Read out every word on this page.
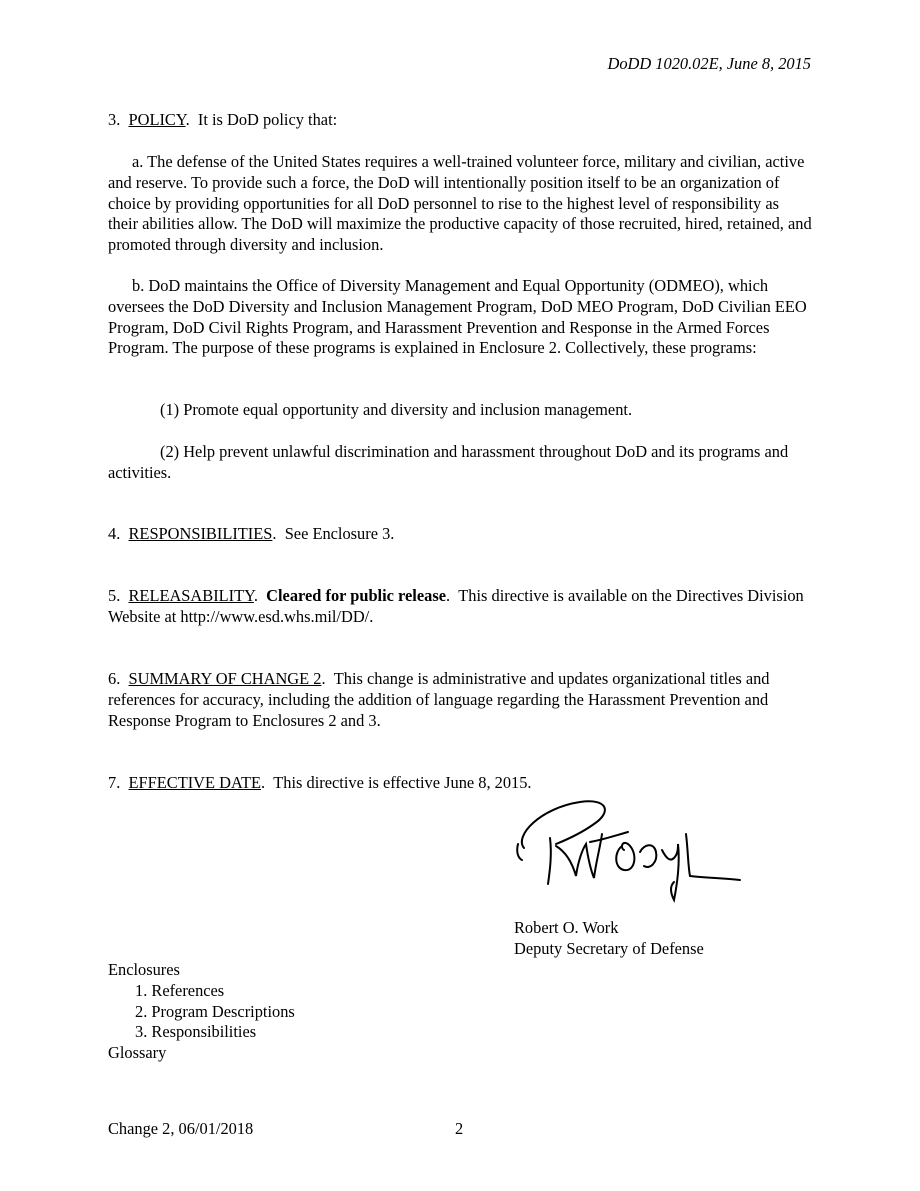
DoDD 1020.02E, June 8, 2015

3. POLICY.  It is DoD policy that:

a. The defense of the United States requires a well-trained volunteer force, military and civilian, active and reserve. To provide such a force, the DoD will intentionally position itself to be an organization of choice by providing opportunities for all DoD personnel to rise to the highest level of responsibility as their abilities allow. The DoD will maximize the productive capacity of those recruited, hired, retained, and promoted through diversity and inclusion.

b. DoD maintains the Office of Diversity Management and Equal Opportunity (ODMEO), which oversees the DoD Diversity and Inclusion Management Program, DoD MEO Program, DoD Civilian EEO Program, DoD Civil Rights Program, and Harassment Prevention and Response in the Armed Forces Program. The purpose of these programs is explained in Enclosure 2. Collectively, these programs:

(1) Promote equal opportunity and diversity and inclusion management.

(2) Help prevent unlawful discrimination and harassment throughout DoD and its programs and activities.

4. RESPONSIBILITIES.  See Enclosure 3.

5. RELEASABILITY.  Cleared for public release.  This directive is available on the Directives Division Website at http://www.esd.whs.mil/DD/.

6. SUMMARY OF CHANGE 2.  This change is administrative and updates organizational titles and references for accuracy, including the addition of language regarding the Harassment Prevention and Response Program to Enclosures 2 and 3.

7. EFFECTIVE DATE.  This directive is effective June 8, 2015.

Robert O. Work
Deputy Secretary of Defense
Enclosures
1. References
2. Program Descriptions
3. Responsibilities
Glossary
Change 2, 06/01/2018	2
